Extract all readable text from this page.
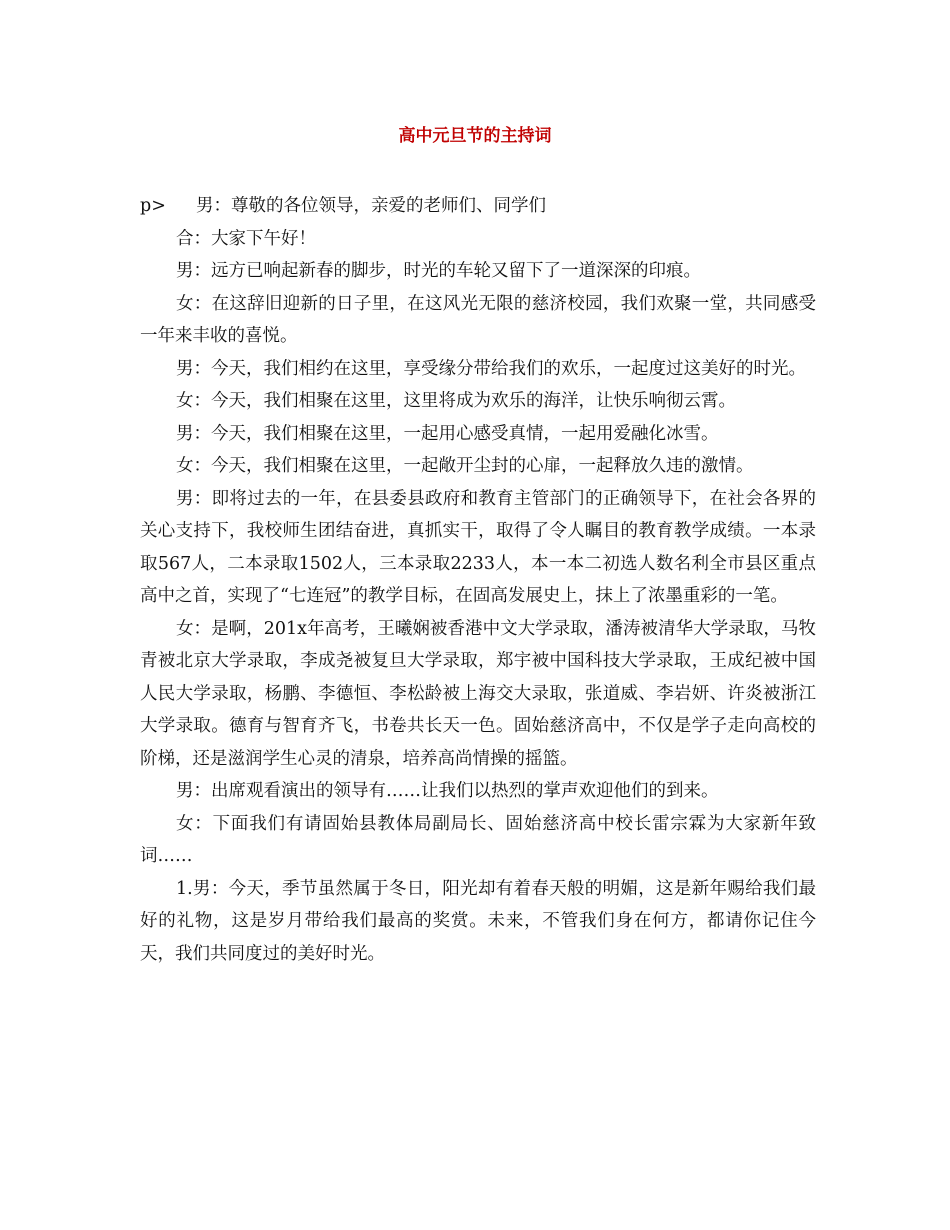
高中元旦节的主持词

p> 男：尊敬的各位领导，亲爱的老师们、同学们

合：大家下午好！

男：远方已响起新春的脚步，时光的车轮又留下了一道深深的印痕。

女：在这辞旧迎新的日子里，在这风光无限的慈济校园，我们欢聚一堂，共同感受一年来丰收的喜悦。

男：今天，我们相约在这里，享受缘分带给我们的欢乐，一起度过这美好的时光。

女：今天，我们相聚在这里，这里将成为欢乐的海洋，让快乐响彻云霄。

男：今天，我们相聚在这里，一起用心感受真情，一起用爱融化冰雪。

女：今天，我们相聚在这里，一起敞开尘封的心扉，一起释放久违的激情。

男：即将过去的一年，在县委县政府和教育主管部门的正确领导下，在社会各界的关心支持下，我校师生团结奋进，真抓实干，取得了令人瞩目的教育教学成绩。一本录取567人，二本录取1502人，三本录取2233人，本一本二初选人数名利全市县区重点高中之首，实现了“七连冠”的教学目标，在固高发展史上，抹上了浓墨重彩的一笔。

女：是啊，201x年高考，王曦娴被香港中文大学录取，潘涛被清华大学录取，马牧青被北京大学录取，李成尧被复旦大学录取，郑宇被中国科技大学录取，王成纪被中国人民大学录取，杨鹏、李德恒、李松龄被上海交大录取，张道威、李岩妍、许炎被浙江大学录取。德育与智育齐飞，书卷共长天一色。固始慈济高中，不仅是学子走向高校的阶梯，还是滋润学生心灵的清泉，培养高尚情操的摇篮。

男：出席观看演出的领导有……让我们以热烈的掌声欢迎他们的到来。

女：下面我们有请固始县教体局副局长、固始慈济高中校长雷宗霖为大家新年致词……

1.男：今天，季节虽然属于冬日，阳光却有着春天般的明媚，这是新年赐给我们最好的礼物，这是岁月带给我们最高的奖赏。未来，不管我们身在何方，都请你记住今天，我们共同度过的美好时光。
